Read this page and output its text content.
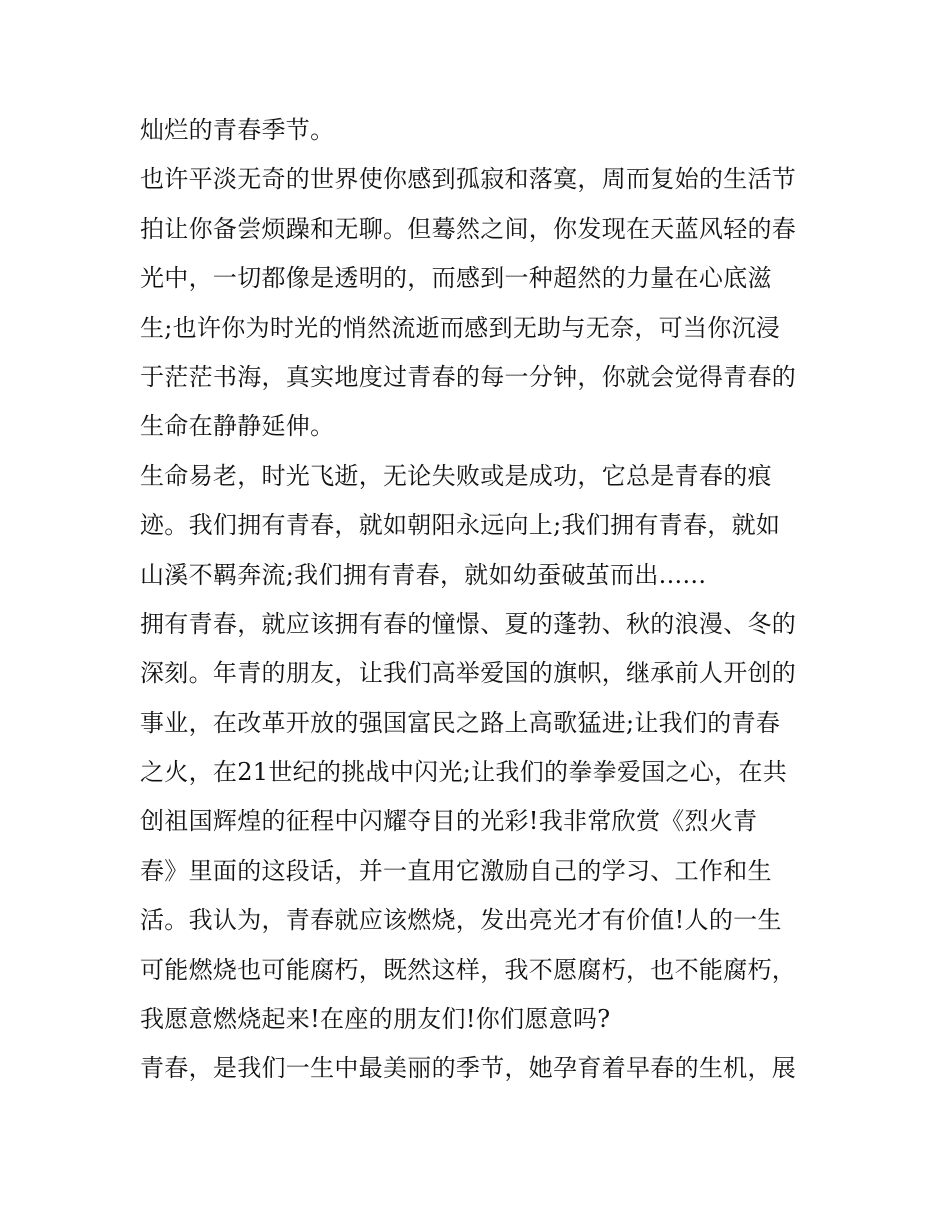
灿烂的青春季节。
也许平淡无奇的世界使你感到孤寂和落寞，周而复始的生活节
拍让你备尝烦躁和无聊。但蓦然之间，你发现在天蓝风轻的春
光中，一切都像是透明的，而感到一种超然的力量在心底滋
生;也许你为时光的悄然流逝而感到无助与无奈，可当你沉浸
于茫茫书海，真实地度过青春的每一分钟，你就会觉得青春的
生命在静静延伸。
生命易老，时光飞逝，无论失败或是成功，它总是青春的痕
迹。我们拥有青春，就如朝阳永远向上;我们拥有青春，就如
山溪不羁奔流;我们拥有青春，就如幼蚕破茧而出......
拥有青春，就应该拥有春的憧憬、夏的蓬勃、秋的浪漫、冬的
深刻。年青的朋友，让我们高举爱国的旗帜，继承前人开创的
事业，在改革开放的强国富民之路上高歌猛进;让我们的青春
之火，在21世纪的挑战中闪光;让我们的拳拳爱国之心，在共
创祖国辉煌的征程中闪耀夺目的光彩!我非常欣赏《烈火青
春》里面的这段话，并一直用它激励自己的学习、工作和生
活。我认为，青春就应该燃烧，发出亮光才有价值!人的一生
可能燃烧也可能腐朽，既然这样，我不愿腐朽，也不能腐朽，
我愿意燃烧起来!在座的朋友们!你们愿意吗?
青春，是我们一生中最美丽的季节，她孕育着早春的生机，展
